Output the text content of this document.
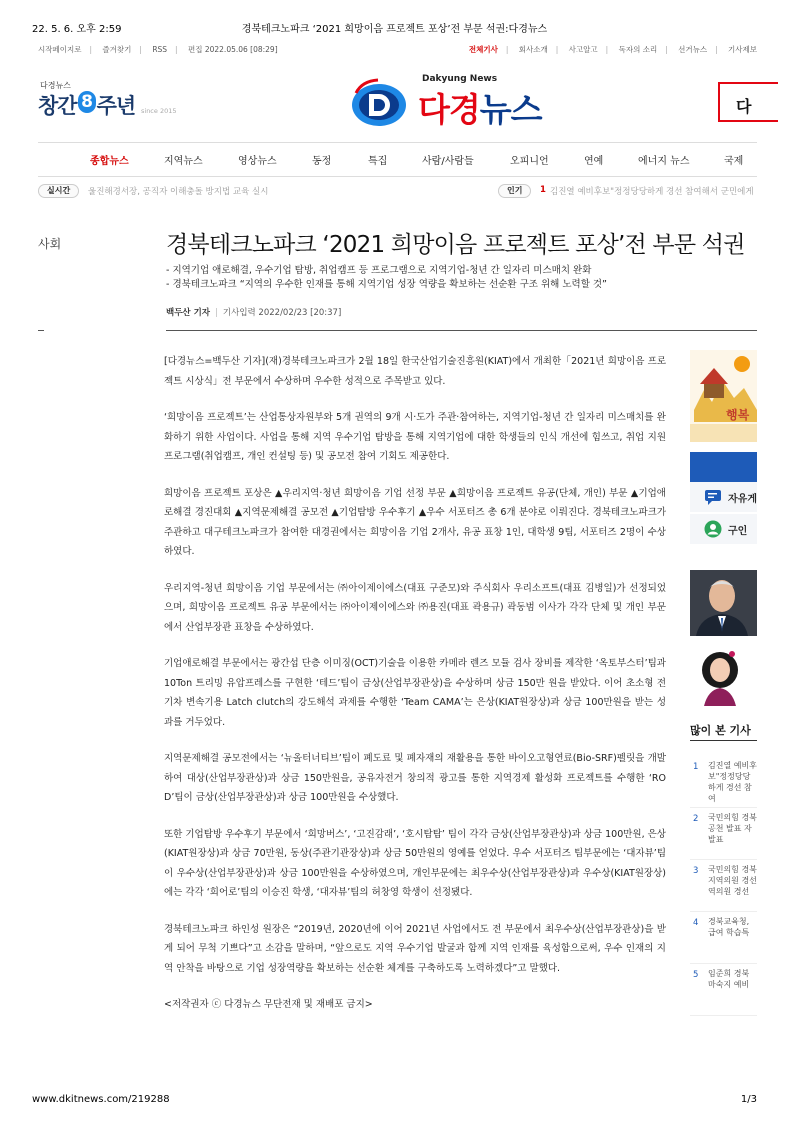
22. 5. 6. 오후 2:59	경북테크노파크 ‘2021 희망이음 프로젝트 포상’전 부문 석권:다경뉴스
시작페이지로 | 즐겨찾기 | RSS | 편집 2022.05.06 [08:29]	전체기사 | 회사소개 | 사고알고 | 독자의 소리 | 선거뉴스 | 기사제보
다경뉴스
창간 8 주년 since 2015
Dakyung News
다경뉴스	다
종합뉴스	지역뉴스	영상뉴스	동정	특집	사람/사람들	오피니언	연예	에너지 뉴스	국제
실시간	울진해경서장, 공직자 이해충돌 방지법 교육 실시	인기	1 김진열 예비후보"정정당당하게 경선 참여해서 군민에게
사회	경북테크노파크 ‘2021 희망이음 프로젝트 포상’전 부문 석권
- 지역기업 애로해결, 우수기업 탐방, 취업캠프 등 프로그램으로 지역기업-청년 간 일자리 미스매치 완화
- 경북테크노파크 “지역의 우수한 인재를 통해 지역기업 성장 역량을 확보하는 선순환 구조 위해 노력할 것”
백두산 기자 | 기사입력 2022/02/23 [20:37]

[다경뉴스=백두산 기자](재)경북테크노파크가 2월 18일 한국산업기술진흥원(KIAT)에서 개최한「2021년 희망이음 프로젝트 시상식」전 부문에서 수상하며 우수한 성적으로 주목받고 있다.

‘희망이음 프로젝트’는 산업통상자원부와 5개 권역의 9개 시·도가 주관·참여하는, 지역기업-청년 간 일자리 미스매치를 완화하기 위한 사업이다. 사업을 통해 지역 우수기업 탐방을 통해 지역기업에 대한 학생들의 인식 개선에 힘쓰고, 취업 지원 프로그램(취업캠프, 개인 컨설팅 등) 및 공모전 참여 기회도 제공한다.

희망이음 프로젝트 포상은 ▲우리지역·청년 희망이음 기업 선정 부문 ▲희망이음 프로젝트 유공(단체, 개인) 부문 ▲기업애로해결 경진대회 ▲지역문제해결 공모전 ▲기업탐방 우수후기 ▲우수 서포터즈 총 6개 분야로 이뤄진다. 경북테크노파크가 주관하고 대구테크노파크가 참여한 대경권에서는 희망이음 기업 2개사, 유공 표창 1인, 대학생 9팀, 서포터즈 2명이 수상하였다.

우리지역-청년 희망이음 기업 부문에서는 ㈜아이제이에스(대표 구준모)와 주식회사 우리소프트(대표 김병일)가 선정되었으며, 희망이음 프로젝트 유공 부문에서는 ㈜아이제이에스와 ㈜용진(대표 곽용규) 곽동범 이사가 각각 단체 및 개인 부문에서 산업부장관 표창을 수상하였다.

기업애로해결 부문에서는 광간섭 단층 이미징(OCT)기술을 이용한 카메라 렌즈 모듈 검사 장비를 제작한 ‘옥토부스터’팀과 10Ton 트리밍 유압프레스를 구현한 ‘테드’팀이 금상(산업부장관상)을 수상하며 상금 150만 원을 받았다. 이어 초소형 전기차 변속기용 Latch clutch의 강도해석 과제를 수행한 ‘Team CAMA’는 은상(KIAT원장상)과 상금 100만원을 받는 성과를 거두었다.

지역문제해결 공모전에서는 ‘뉴올터너티브’팀이 폐도료 및 폐자재의 재활용을 통한 바이오고형연료(Bio-SRF)펠릿을 개발하여 대상(산업부장관상)과 상금 150만원을, 공유자전거 창의적 광고를 통한 지역경제 활성화 프로젝트를 수행한 ‘ROD’팀이 금상(산업부장관상)과 상금 100만원을 수상했다.

또한 기업탐방 우수후기 부문에서 ‘희망버스’, ‘고진감래’, ‘호시탐탐’ 팀이 각각 금상(산업부장관상)과 상금 100만원, 은상(KIAT원장상)과 상금 70만원, 동상(주관기관장상)과 상금 50만원의 영예를 얻었다. 우수 서포터즈 팀부문에는 ‘대자뷰’팀이 우수상(산업부장관상)과 상금 100만원을 수상하였으며, 개인부문에는 최우수상(산업부장관상)과 우수상(KIAT원장상)에는 각각 ‘희어로’팀의 이승진 학생, ‘대자뷰’팀의 허창영 학생이 선정됐다.

경북테크노파크 하인성 원장은 “2019년, 2020년에 이어 2021년 사업에서도 전 부문에서 최우수상(산업부장관상)을 받게 되어 무척 기쁘다”고 소감을 말하며, “앞으로도 지역 우수기업 발굴과 함께 지역 인재를 육성함으로써, 우수 인재의 지역 안착을 바탕으로 기업 성장역량을 확보하는 선순환 체계를 구축하도록 노력하겠다”고 말했다.

<저작권자 ⓒ 다경뉴스 무단전재 및 재배포 금지>

행복
자유게
구인
많이 본 기사
1 김진열 예비후보"정정당당하게 경선 참여
2 국민의힘 경북 공천 발표 자 발표
3 국민의힘 경북 지역의원 경선 역의원 경선
4 경북교육청, 급여 학습특
5 임준희 경북 마숙지 예비
www.dkitnews.com/219288	1/3
